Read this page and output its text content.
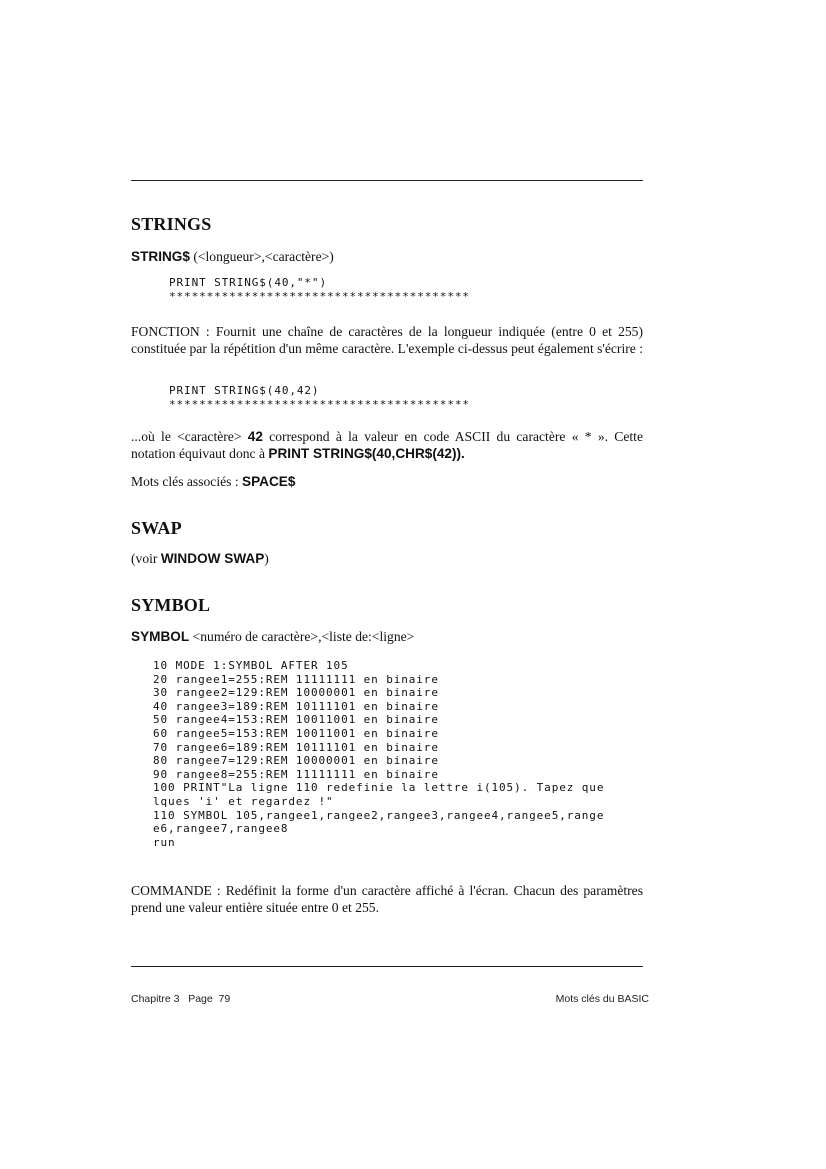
STRINGS
STRING$ (<longueur>,<caractère>)
PRINT STRING$(40,"*")
****************************************
FONCTION : Fournit une chaîne de caractères de la longueur indiquée (entre 0 et 255) constituée par la répétition d'un même caractère. L'exemple ci-dessus peut également s'écrire :
PRINT STRING$(40,42)
****************************************
...où le <caractère> 42 correspond à la valeur en code ASCII du caractère « * ». Cette notation équivaut donc à PRINT STRING$(40,CHR$(42)).
Mots clés associés : SPACE$
SWAP
(voir WINDOW SWAP)
SYMBOL
SYMBOL <numéro de caractère>,<liste de:<ligne>
10 MODE 1:SYMBOL AFTER 105
20 rangee1=255:REM 11111111 en binaire
30 rangee2=129:REM 10000001 en binaire
40 rangee3=189:REM 10111101 en binaire
50 rangee4=153:REM 10011001 en binaire
60 rangee5=153:REM 10011001 en binaire
70 rangee6=189:REM 10111101 en binaire
80 rangee7=129:REM 10000001 en binaire
90 rangee8=255:REM 11111111 en binaire
100 PRINT"La ligne 110 redefinie la lettre i(105). Tapez que
lques 'i' et regardez !"
110 SYMBOL 105,rangee1,rangee2,rangee3,rangee4,rangee5,range
e6,rangee7,rangee8
run
COMMANDE : Redéfinit la forme d'un caractère affiché à l'écran. Chacun des paramètres prend une valeur entière située entre 0 et 255.
Chapitre 3   Page  79	Mots clés du BASIC
